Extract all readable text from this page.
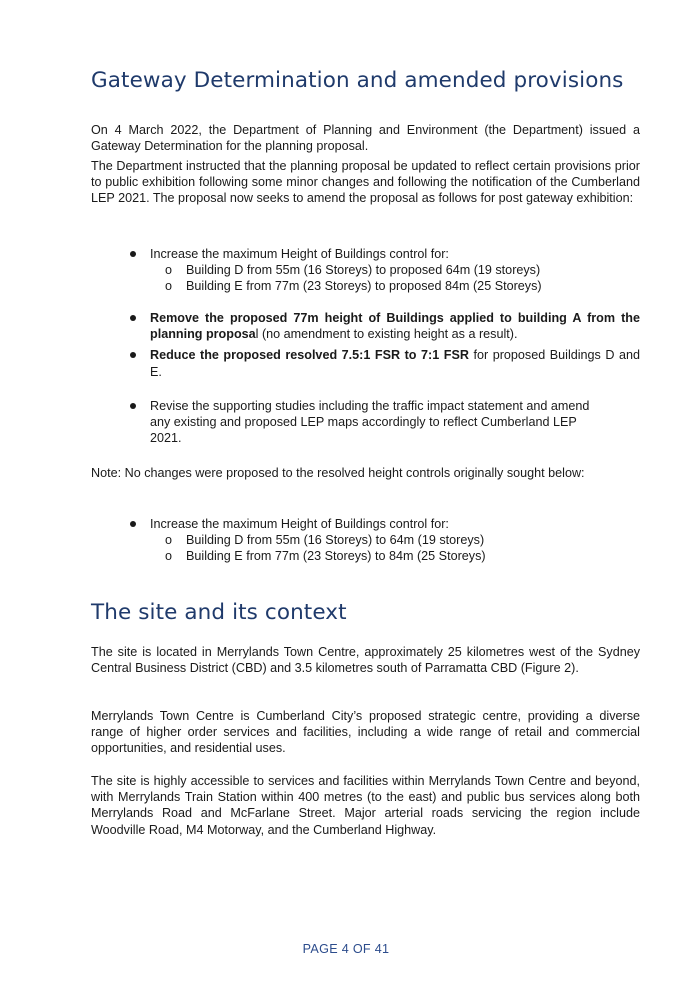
Gateway Determination and amended provisions

On 4 March 2022, the Department of Planning and Environment (the Department) issued a Gateway Determination for the planning proposal.

The Department instructed that the planning proposal be updated to reflect certain provisions prior to public exhibition following some minor changes and following the notification of the Cumberland LEP 2021. The proposal now seeks to amend the proposal as follows for post gateway exhibition:

Increase the maximum Height of Buildings control for:
o Building D from 55m (16 Storeys) to proposed 64m (19 storeys)
o Building E from 77m (23 Storeys) to proposed 84m (25 Storeys)
Remove the proposed 77m height of Buildings applied to building A from the planning proposal (no amendment to existing height as a result).
Reduce the proposed resolved 7.5:1 FSR to 7:1 FSR for proposed Buildings D and E.
Revise the supporting studies including the traffic impact statement and amend any existing and proposed LEP maps accordingly to reflect Cumberland LEP 2021.

Note: No changes were proposed to the resolved height controls originally sought below:

Increase the maximum Height of Buildings control for:
o Building D from 55m (16 Storeys) to 64m (19 storeys)
o Building E from 77m (23 Storeys) to 84m (25 Storeys)
The site and its context

The site is located in Merrylands Town Centre, approximately 25 kilometres west of the Sydney Central Business District (CBD) and 3.5 kilometres south of Parramatta CBD (Figure 2).

Merrylands Town Centre is Cumberland City’s proposed strategic centre, providing a diverse range of higher order services and facilities, including a wide range of retail and commercial opportunities, and residential uses.

The site is highly accessible to services and facilities within Merrylands Town Centre and beyond, with Merrylands Train Station within 400 metres (to the east) and public bus services along both Merrylands Road and McFarlane Street. Major arterial roads servicing the region include Woodville Road, M4 Motorway, and the Cumberland Highway.

PAGE 4 OF 41
